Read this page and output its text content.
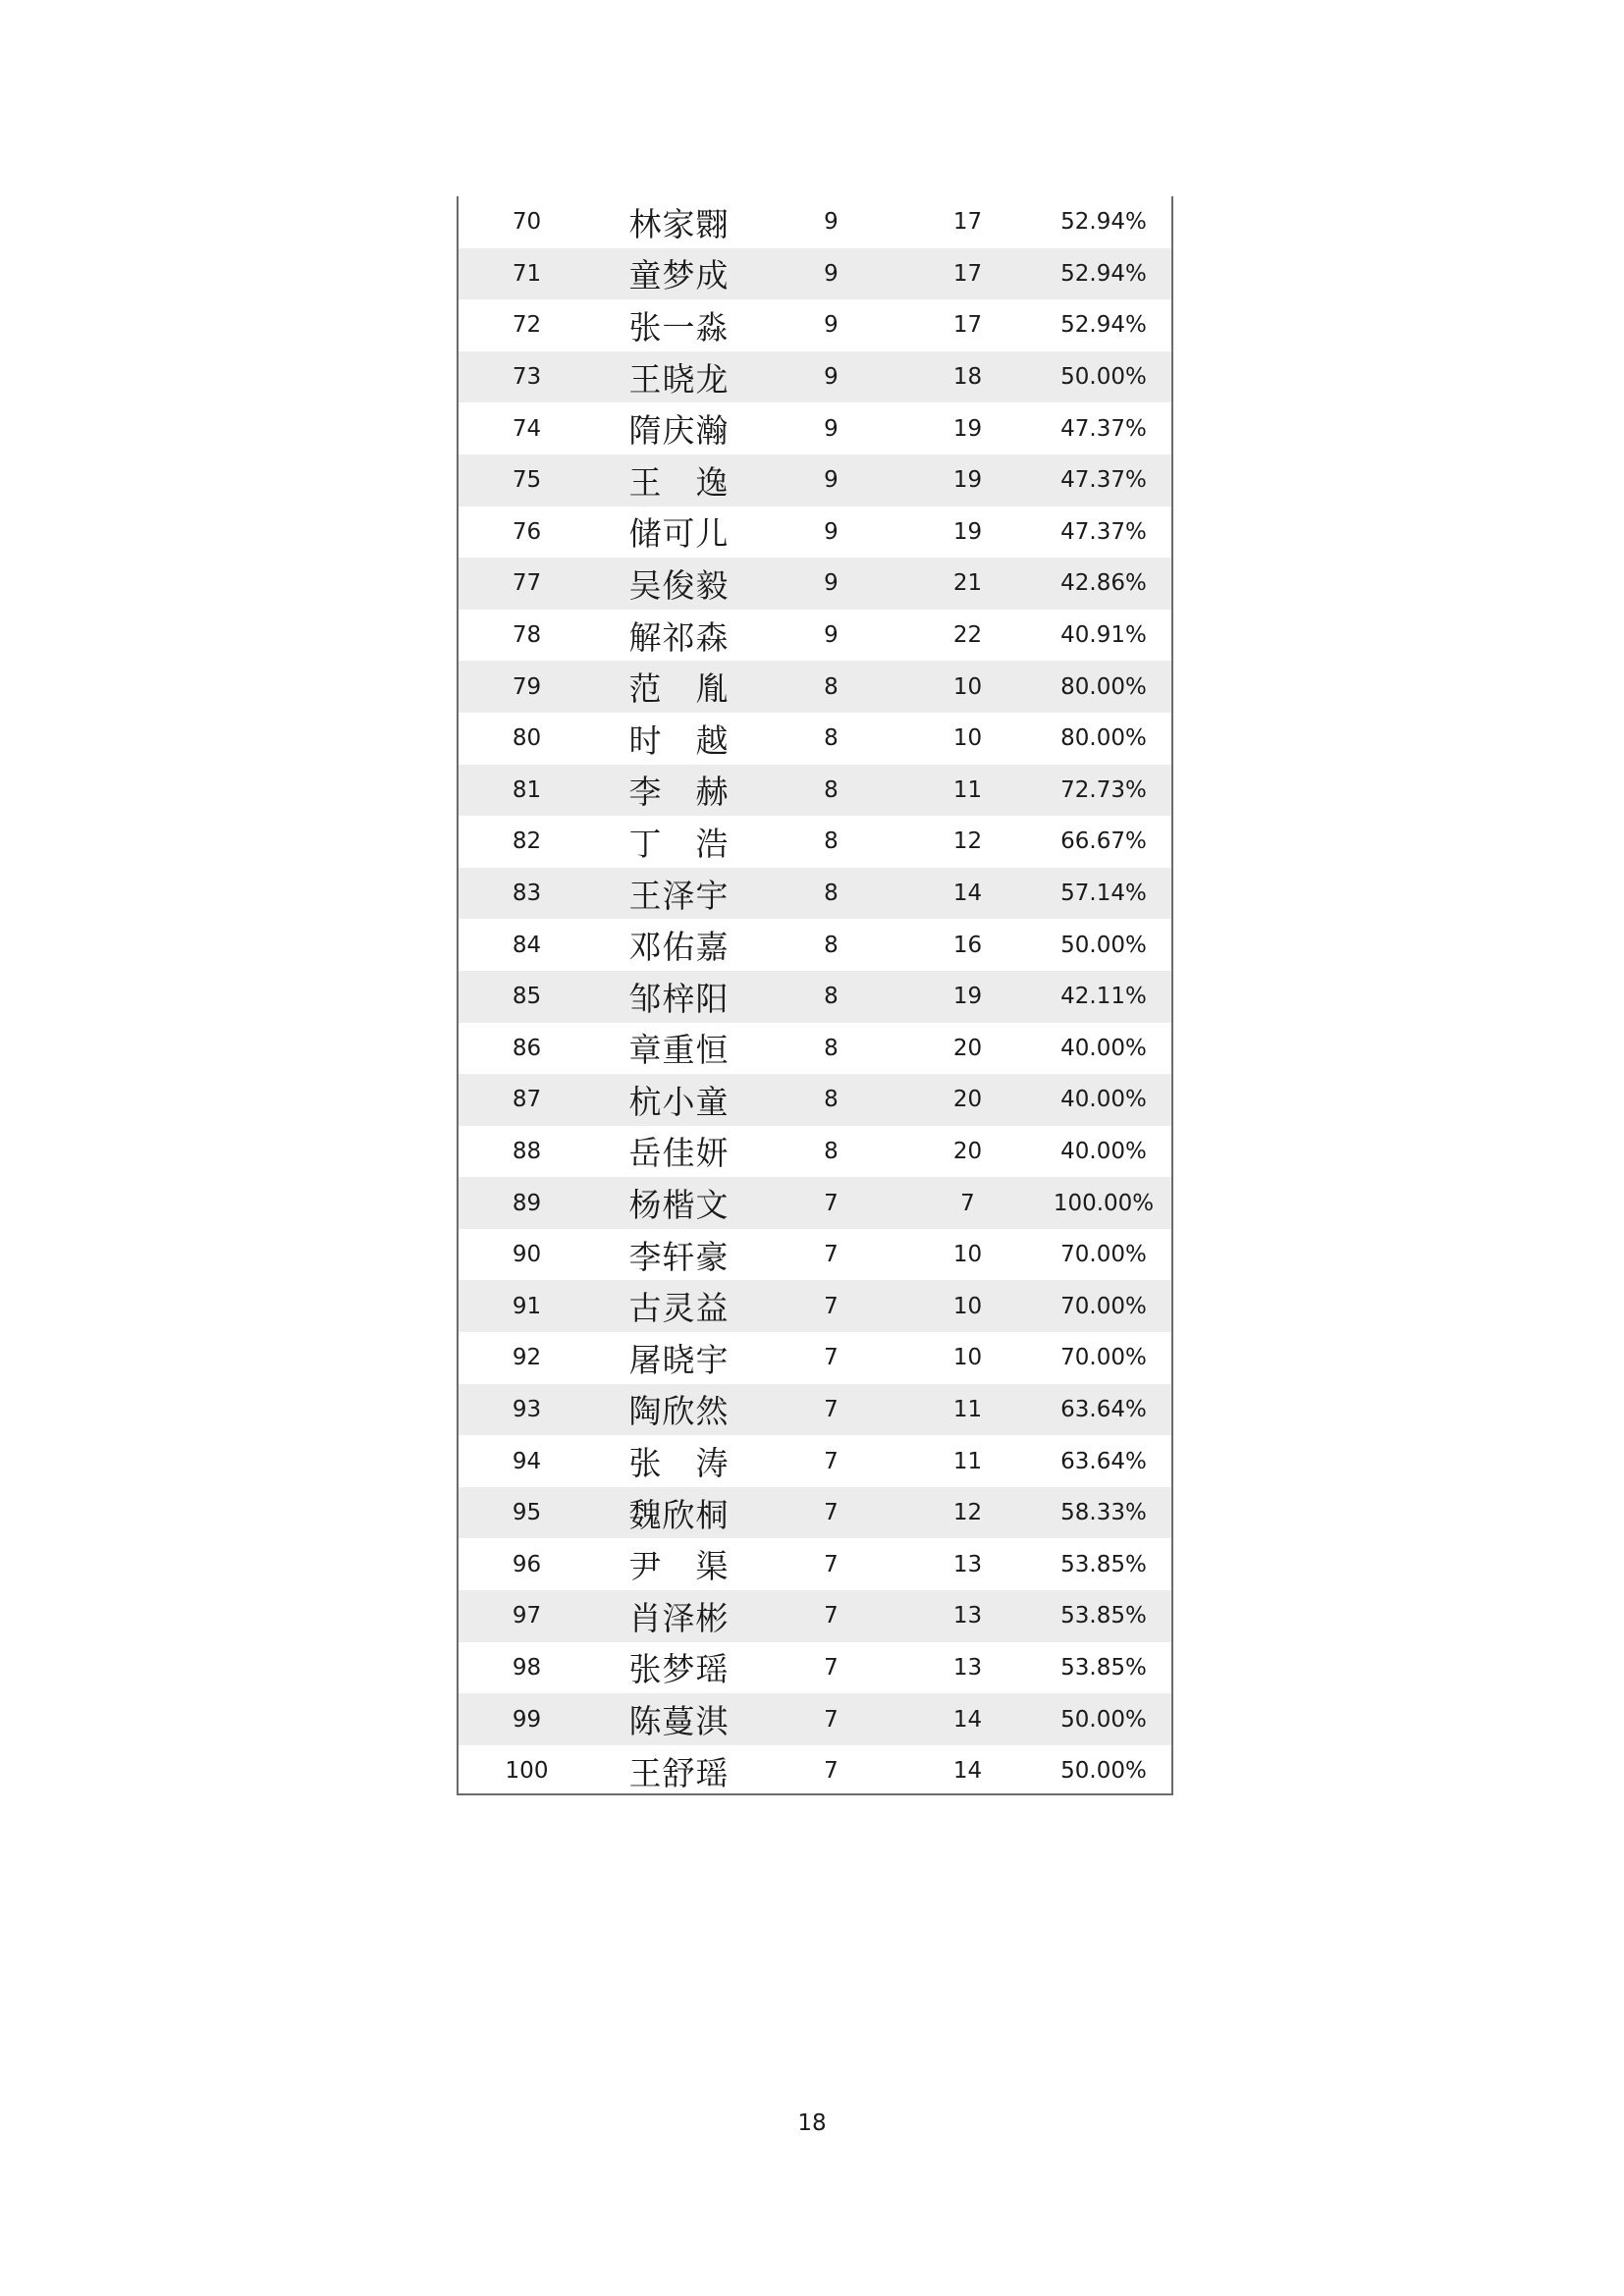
70	林家翾	9	17	52.94%
71	童梦成	9	17	52.94%
72	张一淼	9	17	52.94%
73	王晓龙	9	18	50.00%
74	隋庆瀚	9	19	47.37%
75	王　逸	9	19	47.37%
76	储可儿	9	19	47.37%
77	吴俊毅	9	21	42.86%
78	解祁森	9	22	40.91%
79	范　胤	8	10	80.00%
80	时　越	8	10	80.00%
81	李　赫	8	11	72.73%
82	丁　浩	8	12	66.67%
83	王泽宇	8	14	57.14%
84	邓佑嘉	8	16	50.00%
85	邹梓阳	8	19	42.11%
86	章重恒	8	20	40.00%
87	杭小童	8	20	40.00%
88	岳佳妍	8	20	40.00%
89	杨楷文	7	7	100.00%
90	李轩豪	7	10	70.00%
91	古灵益	7	10	70.00%
92	屠晓宇	7	10	70.00%
93	陶欣然	7	11	63.64%
94	张　涛	7	11	63.64%
95	魏欣桐	7	12	58.33%
96	尹　渠	7	13	53.85%
97	肖泽彬	7	13	53.85%
98	张梦瑶	7	13	53.85%
99	陈蔓淇	7	14	50.00%
100	王舒瑶	7	14	50.00%
18
